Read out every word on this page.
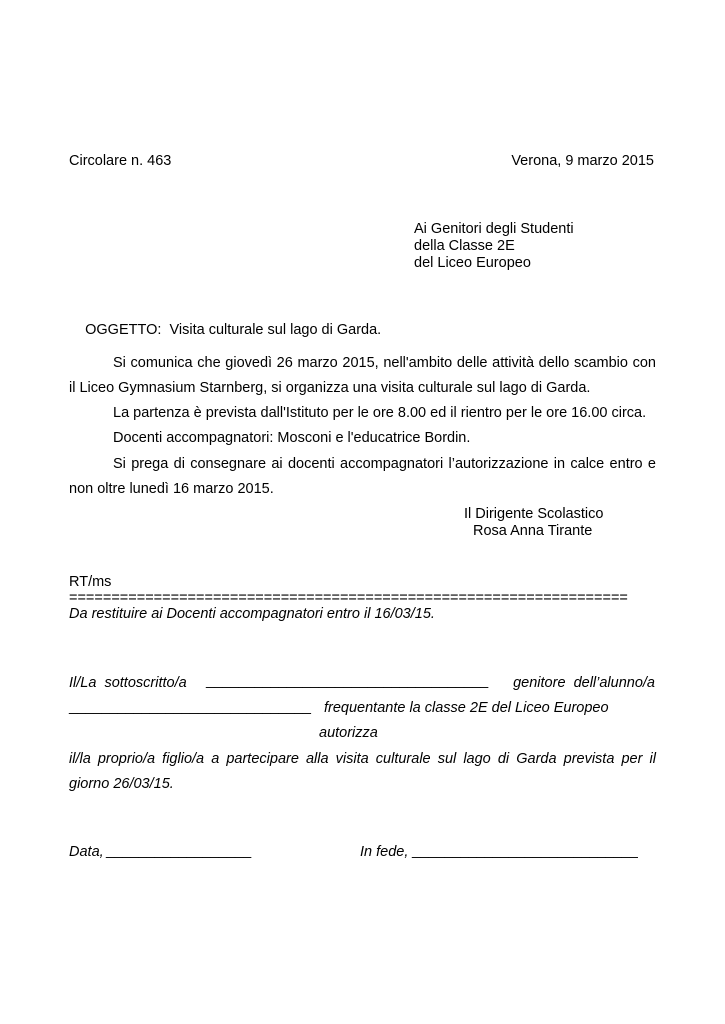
Circolare n. 463	Verona, 9 marzo 2015
Ai Genitori degli Studenti
della Classe 2E
del Liceo Europeo

OGGETTO: Visita culturale sul lago di Garda.

Si comunica che giovedì 26 marzo 2015, nell'ambito delle attività dello scambio con
il Liceo Gymnasium Starnberg, si organizza una visita culturale sul lago di Garda.
La partenza è prevista dall'Istituto per le ore 8.00 ed il rientro per le ore 16.00 circa.
Docenti accompagnatori: Mosconi e l'educatrice Bordin.
Si prega di consegnare ai docenti accompagnatori l’autorizzazione in calce entro e
non oltre lunedì 16 marzo 2015.
Il Dirigente Scolastico
Rosa Anna Tirante
RT/ms
==================================================================
Da restituire ai Docenti accompagnatori entro il 16/03/15.
Il/La  sottoscritto/a ___________________________________ genitore  dell’alunno/a
______________________________ frequentante la classe 2E del Liceo Europeo
autorizza
il/la proprio/a figlio/a a partecipare alla visita culturale sul lago di Garda prevista per il
giorno 26/03/15.
Data, __________________	In fede, ____________________________
